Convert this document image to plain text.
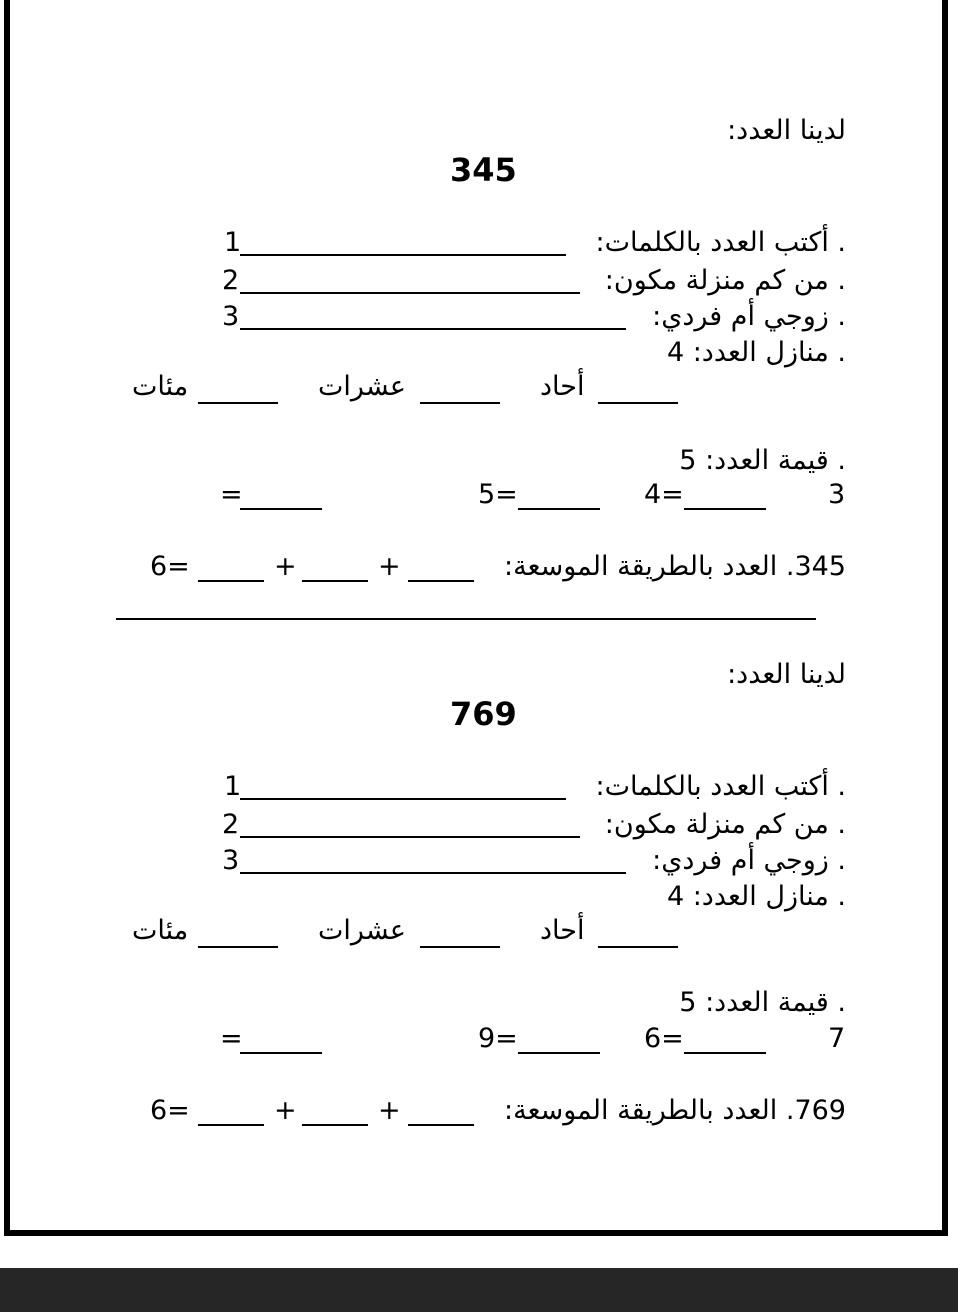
لدينا العدد:
345
. أكتب العدد بالكلمات:
1
. من كم منزلة مكون:
2
. زوجي أم فردي:
3
. منازل العدد: 4
أحاد
عشرات
مئات
. قيمة العدد: 5
3
4=
5=
=
345. العدد بالطريقة الموسعة:
+
+
6=
لدينا العدد:
769
. أكتب العدد بالكلمات:
1
. من كم منزلة مكون:
2
. زوجي أم فردي:
3
. منازل العدد: 4
أحاد
عشرات
مئات
. قيمة العدد: 5
7
6=
9=
=
769. العدد بالطريقة الموسعة:
+
+
6=
